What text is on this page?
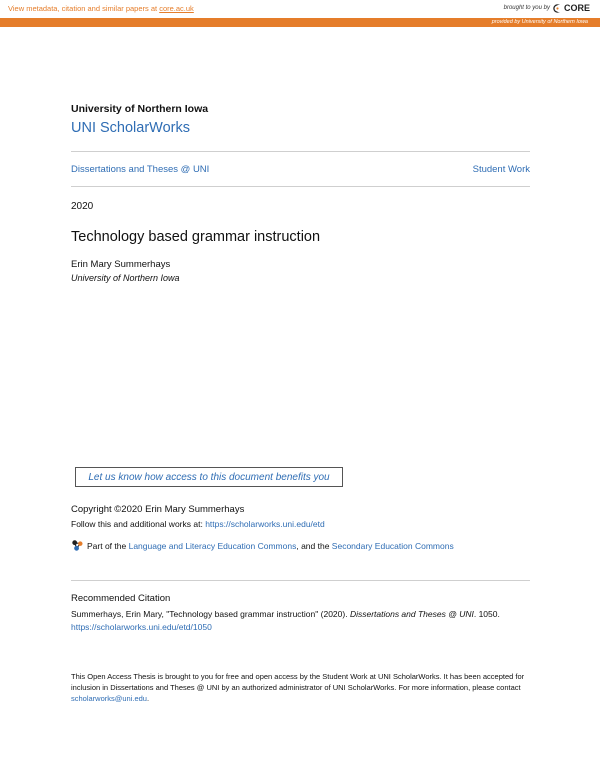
View metadata, citation and similar papers at core.ac.uk	brought to you by CORE
provided by University of Northern Iowa
University of Northern Iowa
UNI ScholarWorks
Dissertations and Theses @ UNI	Student Work
2020
Technology based grammar instruction
Erin Mary Summerhays
University of Northern Iowa
Let us know how access to this document benefits you
Copyright ©2020 Erin Mary Summerhays
Follow this and additional works at: https://scholarworks.uni.edu/etd
Part of the Language and Literacy Education Commons, and the Secondary Education Commons
Recommended Citation
Summerhays, Erin Mary, "Technology based grammar instruction" (2020). Dissertations and Theses @ UNI. 1050.
https://scholarworks.uni.edu/etd/1050
This Open Access Thesis is brought to you for free and open access by the Student Work at UNI ScholarWorks. It has been accepted for inclusion in Dissertations and Theses @ UNI by an authorized administrator of UNI ScholarWorks. For more information, please contact scholarworks@uni.edu.
